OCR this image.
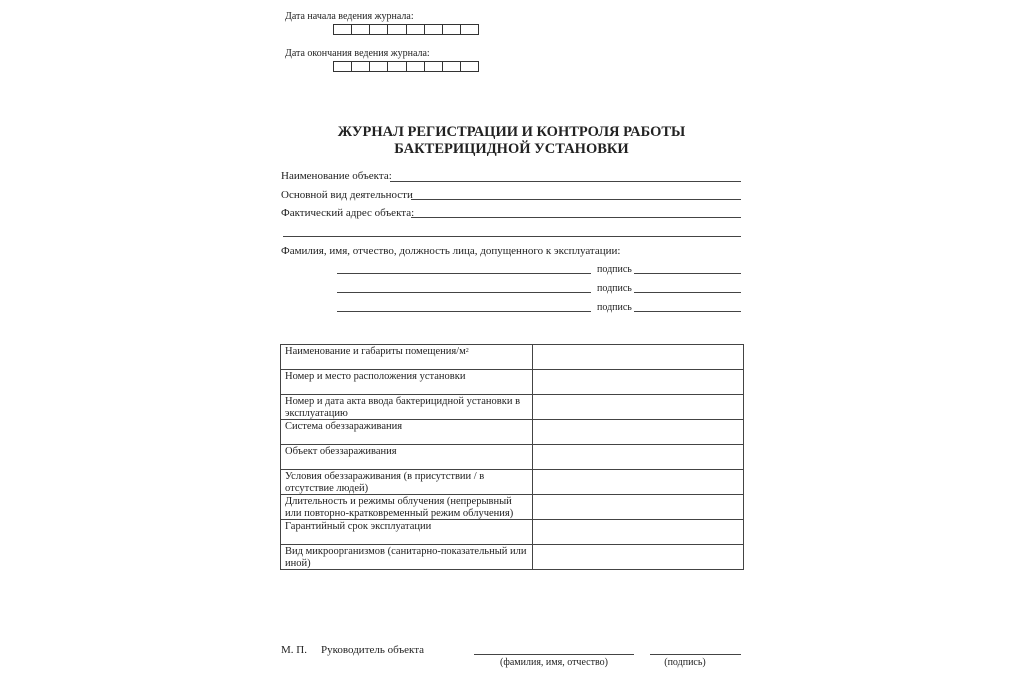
Дата начала ведения журнала:
Дата окончания ведения журнала:
ЖУРНАЛ РЕГИСТРАЦИИ И КОНТРОЛЯ РАБОТЫ
БАКТЕРИЦИДНОЙ УСТАНОВКИ
Наименование объекта:
Основной вид деятельности
Фактический адрес объекта:
Фамилия, имя, отчество, должность лица, допущенного к эксплуатации:
подпись
подпись
подпись
Наименование и габариты помещения/$м^2$	
Номер и место расположения установки	
Номер и дата акта ввода бактерицидной установки в эксплуатацию	
Система обеззараживания	
Объект обеззараживания	
Условия обеззараживания (в присутствии / в отсутствие людей)	
Длительность и режимы облучения (непрерывный или повторно-кратковременный режим облучения)	
Гарантийный срок эксплуатации	
Вид микроорганизмов (санитарно-показательный или иной)	
М. П. Руководитель объекта
(фамилия, имя, отчество)	(подпись)
